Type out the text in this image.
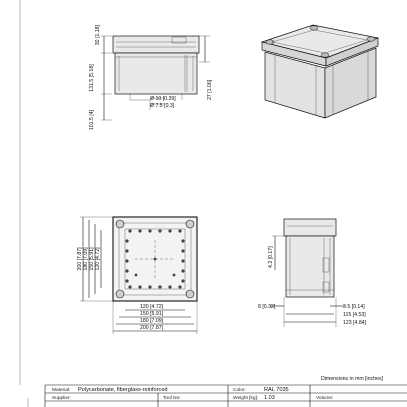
30 [1.18]
131.5 [5.18]
101.5 [4]
27 [1.06]
Ø 10 [0.39]
Ø 7.5 [0.3]
200 [7.87] 180 [7.09] 150 [5.91] 120 [4.72]
120 [4.72]
150 [5.91]
180 [7.09]
200 [7.87]
4.2 [0.17]
8 [0.32]	3.5 [0.14]
115 [4.53]
123 [4.84]
Dimensions in mm [inches]
Material: Polycarbonate, fiberglass-reinforced	Color:	RAL 7035
Supplier:	Tool No:	Weight [kg]: 1.03	Volume:
